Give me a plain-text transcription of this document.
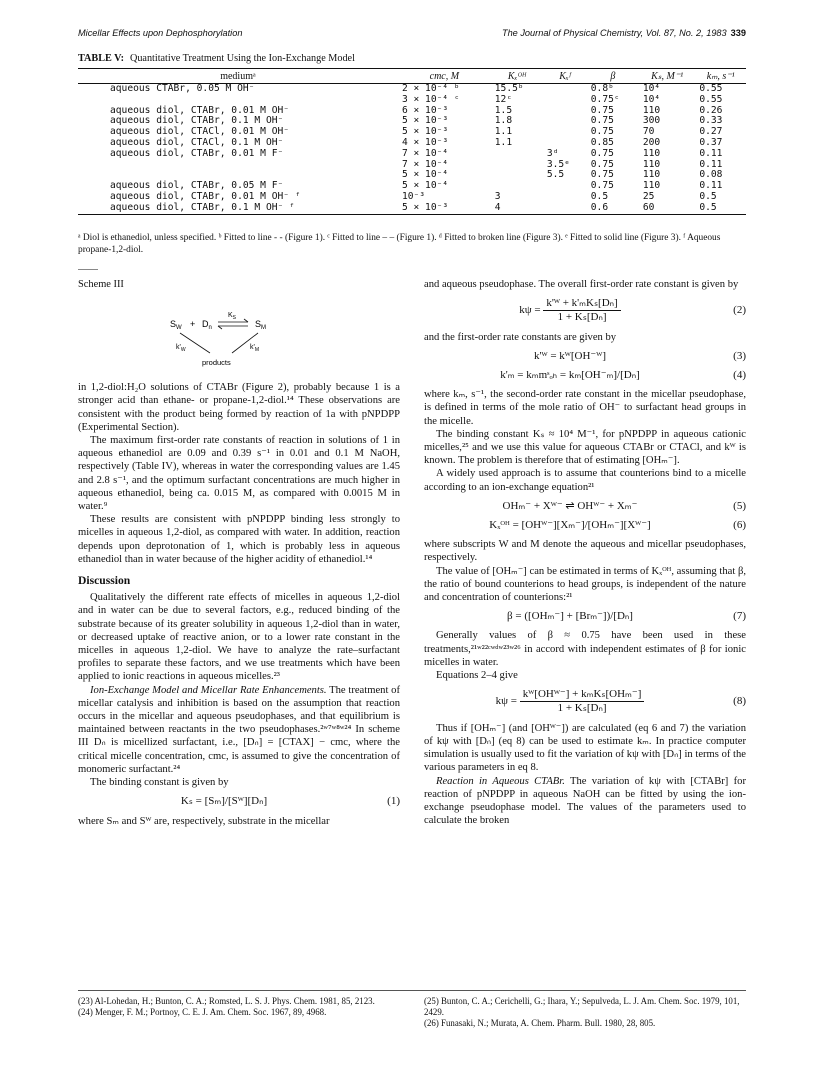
Micellar Effects upon Dephosphorylation	The Journal of Physical Chemistry, Vol. 87, No. 2, 1983 339
TABLE V: Quantitative Treatment Using the Ion-Exchange Model
mediumᵃ	cmc, M	Kₓᴼᴴ	Kₓᶠ	β	Kₛ, M⁻¹	kₘ, s⁻¹
aqueous CTABr, 0.05 M OH⁻	2 × 10⁻⁴ ᵇ	15.5ᵇ		0.8ᵇ	10⁴	0.55
	3 × 10⁻⁴ ᶜ	12ᶜ		0.75ᶜ	10⁴	0.55
aqueous diol, CTABr, 0.01 M OH⁻	6 × 10⁻³	1.5		0.75	110	0.26
aqueous diol, CTABr, 0.1 M OH⁻	5 × 10⁻³	1.8		0.75	300	0.33
aqueous diol, CTACl, 0.01 M OH⁻	5 × 10⁻³	1.1		0.75	70	0.27
aqueous diol, CTACl, 0.1 M OH⁻	4 × 10⁻³	1.1		0.85	200	0.37
aqueous diol, CTABr, 0.01 M F⁻	7 × 10⁻⁴		3ᵈ	0.75	110	0.11
	7 × 10⁻⁴		3.5ᵉ	0.75	110	0.11
	5 × 10⁻⁴		5.5	0.75	110	0.08
aqueous diol, CTABr, 0.05 M F⁻	5 × 10⁻⁴			0.75	110	0.11
aqueous diol, CTABr, 0.01 M OH⁻ ᶠ	10⁻³	3		0.5	25	0.5
aqueous diol, CTABr, 0.1 M OH⁻ ᶠ	5 × 10⁻³	4		0.6	60	0.5
ᵃ Diol is ethanediol, unless specified. ᵇ Fitted to line - - (Figure 1). ᶜ Fitted to line – – (Figure 1). ᵈ Fitted to broken line (Figure 3). ᵉ Fitted to solid line (Figure 3). ᶠ Aqueous propane-1,2-diol.
Scheme III
$S_W + D_n$
$K_S$
$S_M$
$k'_W$	$k'_M$
products

in 1,2-diol:H₂O solutions of CTABr (Figure 2), probably because 1 is a stronger acid than ethane- or propane-1,2-diol.¹⁴ These observations are consistent with the product being formed by reaction of 1a with pNPDPP (Experimental Section).

The maximum first-order rate constants of reaction in solutions of 1 in aqueous ethanediol are 0.09 and 0.39 s⁻¹ in 0.01 and 0.1 M NaOH, respectively (Table IV), whereas in water the corresponding values are 1.45 and 2.8 s⁻¹, and the optimum surfactant concentrations are much higher in aqueous ethanediol, being ca. 0.015 M, as compared with 0.0015 M in water.⁹

These results are consistent with pNPDPP binding less strongly to micelles in aqueous 1,2-diol, as compared with water. In addition, reaction depends upon deprotonation of 1, which is probably less in aqueous ethanediol than in water because of the higher acidity of ethanediol.¹⁴

Discussion

Qualitatively the different rate effects of micelles in aqueous 1,2-diol and in water can be due to several factors, e.g., reduced binding of the substrate because of its greater solubility in aqueous 1,2-diol than in water, or decreased uptake of reactive anion, or to a lower rate constant in the micelles in aqueous 1,2-diol. We have to analyze the rate–surfactant profiles to separate these factors, and we use treatments which have been applied to ionic reactions in aqueous micelles.²³

Ion-Exchange Model and Micellar Rate Enhancements. The treatment of micellar catalysis and inhibition is based on the assumption that reaction occurs in the micellar and aqueous pseudophases, and that equilibrium is maintained between reactants in the two pseudophases.²ʷ⁷ʷ⁸ʷ²⁴ In scheme III Dₙ is micellized surfactant, i.e., [Dₙ] = [CTAX] − cmc, where the critical micelle concentration, cmc, is assumed to give the concentration of monomeric surfactant.²⁴

The binding constant is given by

Kₛ = [Sₘ]/[Sᵂ][Dₙ]	(1)

where Sₘ and Sᵂ are, respectively, substrate in the micellar

and aqueous pseudophase. The overall first-order rate constant is given by

$k\psi = \frac{\text{k'ᵂ + k'ₘKₛ[Dₙ]}}{\text{1 + Kₛ[Dₙ]}}$	(2)

and the first-order rate constants are given by

k'ᵂ = kᵂ[OH⁻ᵂ]	(3)
k'ₘ = kₘmˢₒₕ = kₘ[OH⁻ₘ]/[Dₙ]	(4)

where kₘ, s⁻¹, the second-order rate constant in the micellar pseudophase, is defined in terms of the mole ratio of OH⁻ to surfactant head groups in the micelle.

The binding constant Kₛ ≈ 10⁴ M⁻¹, for pNPDPP in aqueous cationic micelles,²⁵ and we use this value for aqueous CTABr or CTACl, and kᵂ is known. The problem is therefore that of estimating [OHₘ⁻].

A widely used approach is to assume that counterions bind to a micelle according to an ion-exchange equation²¹

OHₘ⁻ + Xᵂ⁻ ⇌ OHᵂ⁻ + Xₘ⁻	(5)
Kₓᴼᴴ = [OHᵂ⁻][Xₘ⁻]/[OHₘ⁻][Xᵂ⁻]	(6)

where subscripts W and M denote the aqueous and micellar pseudophases, respectively.

The value of [OHₘ⁻] can be estimated in terms of Kₓᴼᴴ, assuming that β, the ratio of bound counterions to head groups, is independent of the nature and concentration of counterions:²¹

β = ([OHₘ⁻] + [Brₘ⁻])/[Dₙ]	(7)

Generally values of β ≈ 0.75 have been used in these treatments,²¹ʷ²²ᶜʷᵈʷ²³ʷ²⁶ in accord with independent estimates of β for ionic micelles in water.

Equations 2–4 give

$k\psi = \frac{\text{kᵂ[OHᵂ⁻] + kₘKₛ[OHₘ⁻]}}{\text{1 + Kₛ[Dₙ]}}$	(8)

Thus if [OHₘ⁻] (and [OHᵂ⁻]) are calculated (eq 6 and 7) the variation of kψ with [Dₙ] (eq 8) can be used to estimate kₘ. In practice computer simulation is usually used to fit the variation of kψ with [Dₙ] in terms of the various parameters in eq 8.

Reaction in Aqueous CTABr. The variation of kψ with [CTABr] for reaction of pNPDPP in aqueous NaOH can be fitted by using the ion-exchange pseudophase model. The values of the parameters used to calculate the broken

(23) Al-Lohedan, H.; Bunton, C. A.; Romsted, L. S. J. Phys. Chem. 1981, 85, 2123.
(24) Menger, F. M.; Portnoy, C. E. J. Am. Chem. Soc. 1967, 89, 4968.
(25) Bunton, C. A.; Cerichelli, G.; Ihara, Y.; Sepulveda, L. J. Am. Chem. Soc. 1979, 101, 2429.
(26) Funasaki, N.; Murata, A. Chem. Pharm. Bull. 1980, 28, 805.
